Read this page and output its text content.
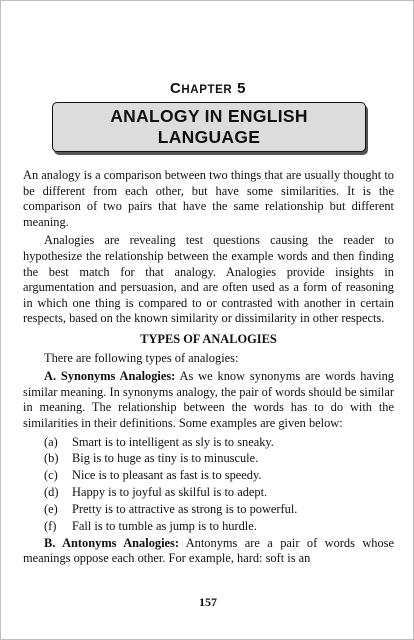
CHAPTER 5
ANALOGY IN ENGLISH
LANGUAGE

An analogy is a comparison between two things that are usually thought to be different from each other, but have some similarities. It is the comparison of two pairs that have the same relationship but different meaning.

Analogies are revealing test questions causing the reader to hypothesize the relationship between the example words and then finding the best match for that analogy. Analogies provide insights in argumentation and persuasion, and are often used as a form of reasoning in which one thing is compared to or contrasted with another in certain respects, based on the known similarity or dissimilarity in other respects.

TYPES OF ANALOGIES

There are following types of analogies:

A. Synonyms Analogies: As we know synonyms are words having similar meaning. In synonyms analogy, the pair of words should be similar in meaning. The relationship between the words has to do with the similarities in their definitions. Some examples are given below:

(a)	Smart is to intelligent as sly is to sneaky.
(b)	Big is to huge as tiny is to minuscule.
(c)	Nice is to pleasant as fast is to speedy.
(d)	Happy is to joyful as skilful is to adept.
(e)	Pretty is to attractive as strong is to powerful.
(f)	Fall is to tumble as jump is to hurdle.

B. Antonyms Analogies: Antonyms are a pair of words whose meanings oppose each other. For example, hard: soft is an

157
